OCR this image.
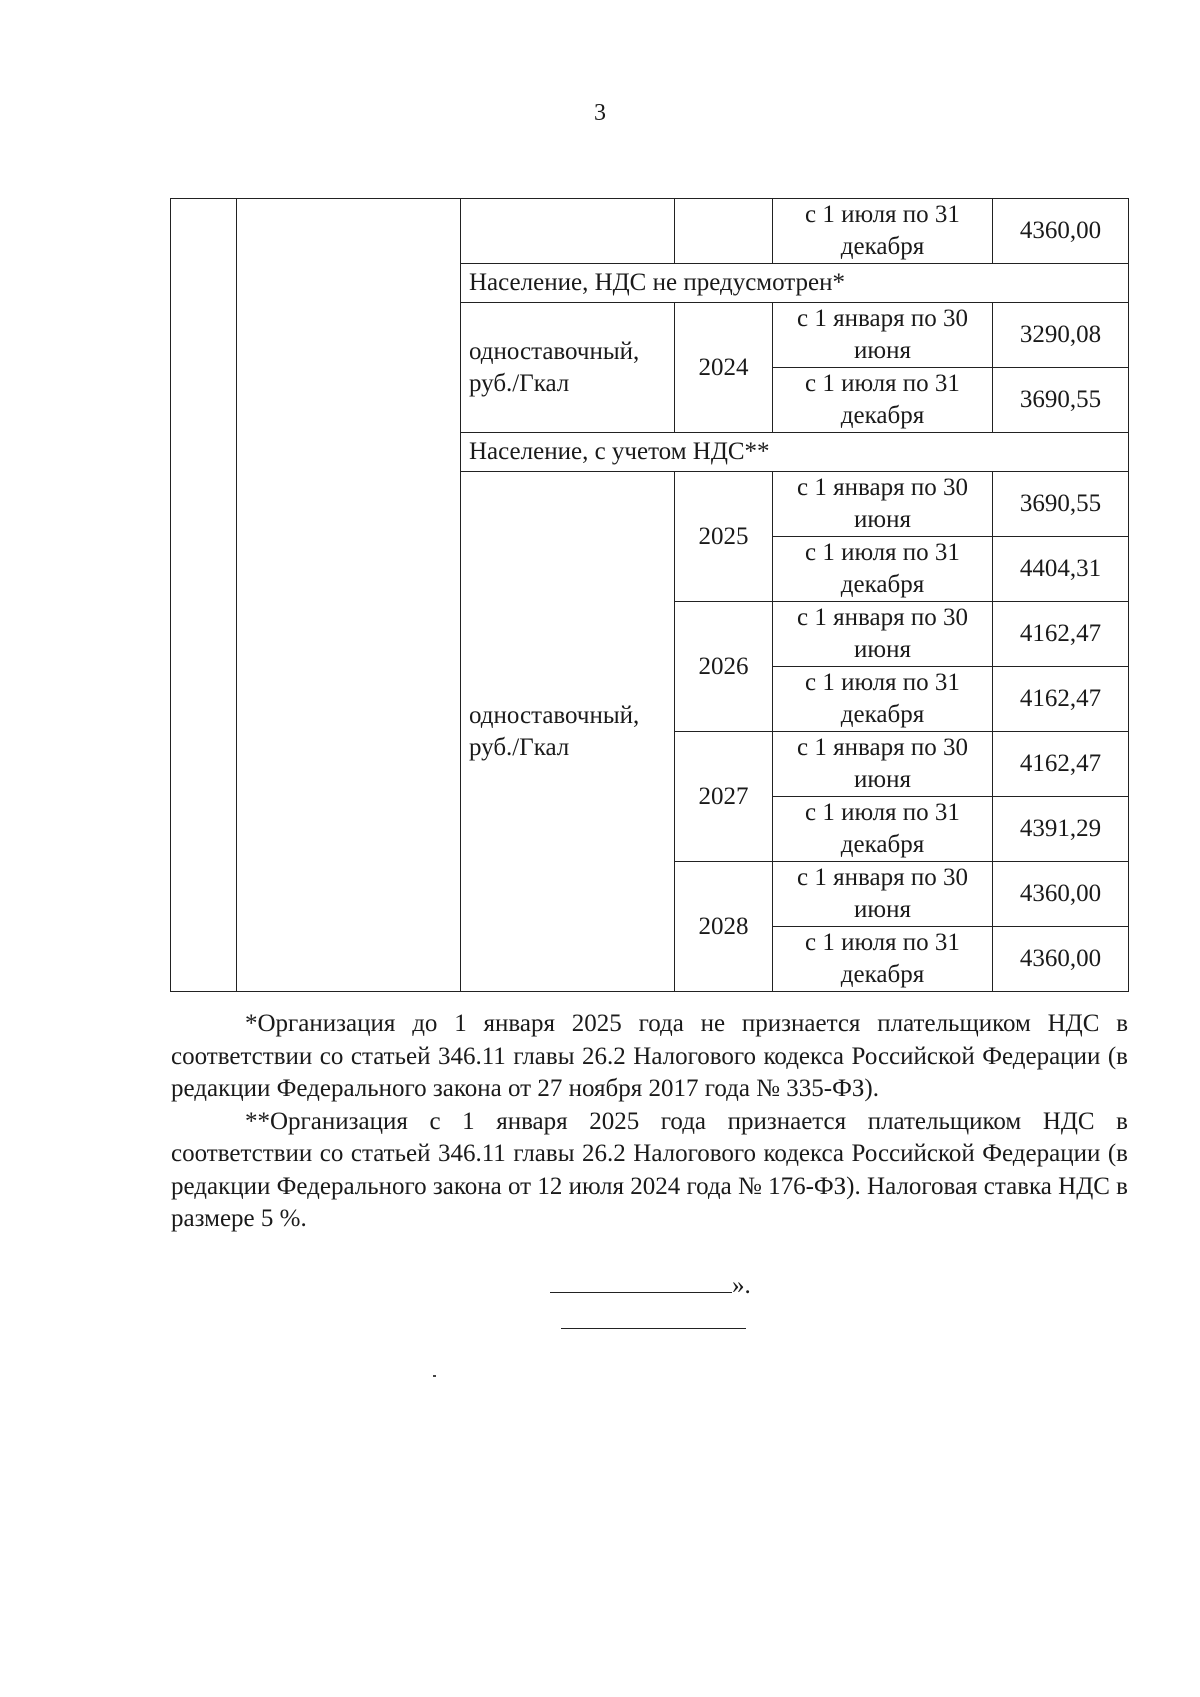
3
				с 1 июля по 31 декабря	4360,00
		Население, НДС не предусмотрен*			
		одноставочный, руб./Гкал	2024	с 1 января по 30 июня	3290,08
				с 1 июля по 31 декабря	3690,55
		Население, с учетом НДС**			
		одноставочный, руб./Гкал	2025	с 1 января по 30 июня	3690,55
				с 1 июля по 31 декабря	4404,31
			2026	с 1 января по 30 июня	4162,47
				с 1 июля по 31 декабря	4162,47
			2027	с 1 января по 30 июня	4162,47
				с 1 июля по 31 декабря	4391,29
			2028	с 1 января по 30 июня	4360,00
				с 1 июля по 31 декабря	4360,00

*Организация до 1 января 2025 года не признается плательщиком НДС в соответствии со статьей 346.11 главы 26.2 Налогового кодекса Российской Федерации (в редакции Федерального закона от 27 ноября 2017 года № 335-ФЗ).

**Организация с 1 января 2025 года признается плательщиком НДС в соответствии со статьей 346.11 главы 26.2 Налогового кодекса Российской Федерации (в редакции Федерального закона от 12 июля 2024 года № 176-ФЗ). Налоговая ставка НДС в размере 5 %.

».
